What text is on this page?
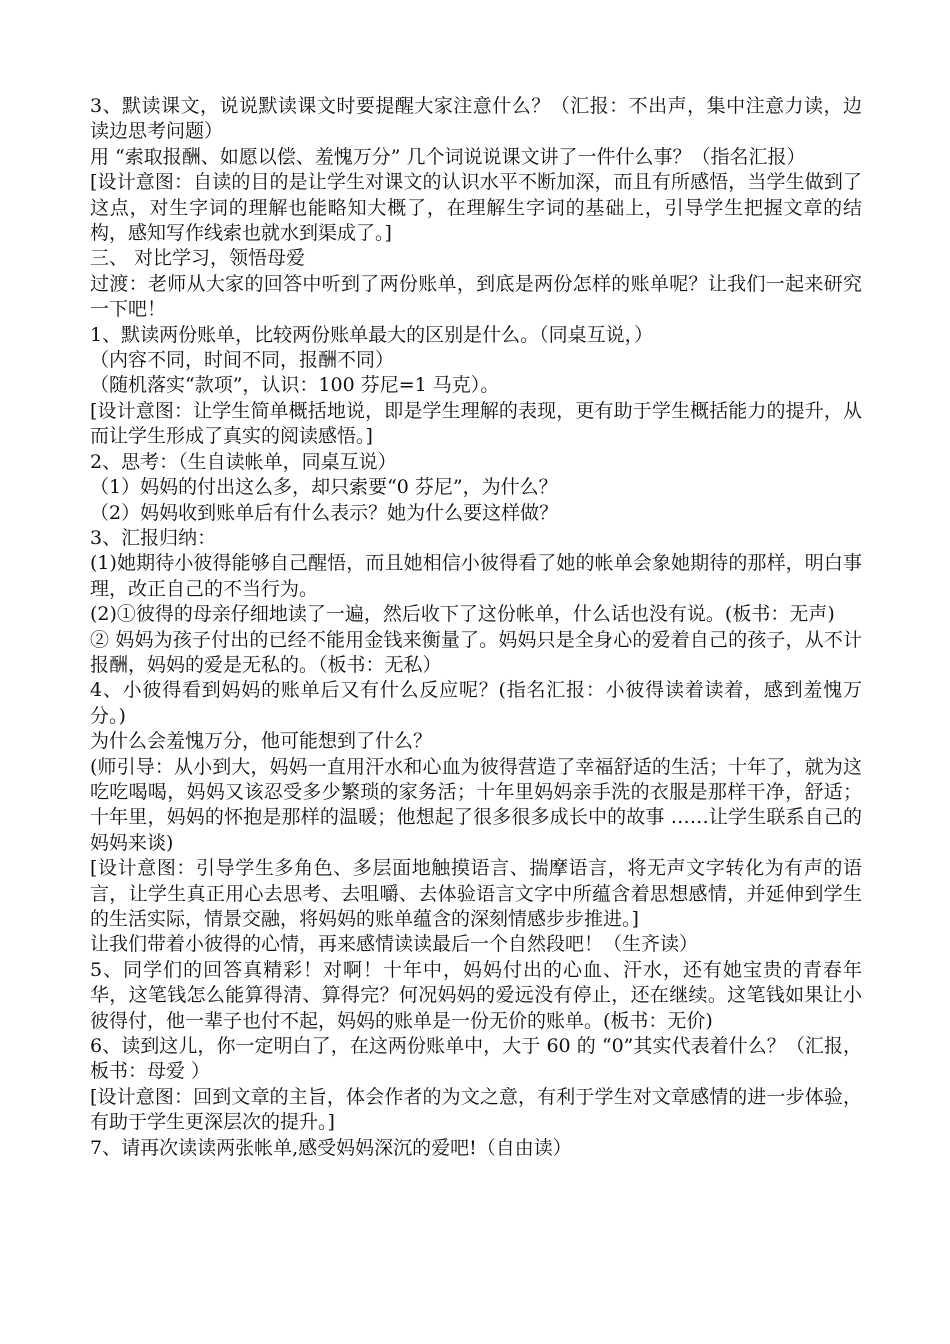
3、默读课文，说说默读课文时要提醒大家注意什么？（汇报：不出声，集中注意力读，边读边思考问题）

用 “索取报酬、如愿以偿、羞愧万分” 几个词说说课文讲了一件什么事？（指名汇报）

[设计意图：自读的目的是让学生对课文的认识水平不断加深，而且有所感悟，当学生做到了这点，对生字词的理解也能略知大概了，在理解生字词的基础上，引导学生把握文章的结构，感知写作线索也就水到渠成了。]

三、 对比学习，领悟母爱

过渡：老师从大家的回答中听到了两份账单，到底是两份怎样的账单呢？让我们一起来研究一下吧！

1、默读两份账单，比较两份账单最大的区别是什么。（同桌互说，）

（内容不同，时间不同，报酬不同）

（随机落实“款项”，认识：100 芬尼=1 马克）。

[设计意图：让学生简单概括地说，即是学生理解的表现，更有助于学生概括能力的提升，从而让学生形成了真实的阅读感悟。]

2、思考：（生自读帐单，同桌互说）

（1）妈妈的付出这么多，却只索要“0 芬尼”，为什么？

（2）妈妈收到账单后有什么表示？她为什么要这样做？

3、汇报归纳：

(1)她期待小彼得能够自己醒悟，而且她相信小彼得看了她的帐单会象她期待的那样，明白事理，改正自己的不当行为。

(2)①彼得的母亲仔细地读了一遍，然后收下了这份帐单，什么话也没有说。(板书：无声)

② 妈妈为孩子付出的已经不能用金钱来衡量了。妈妈只是全身心的爱着自己的孩子，从不计报酬，妈妈的爱是无私的。（板书：无私）

4、小彼得看到妈妈的账单后又有什么反应呢？(指名汇报：小彼得读着读着，感到羞愧万分。)

为什么会羞愧万分，他可能想到了什么？

(师引导：从小到大，妈妈一直用汗水和心血为彼得营造了幸福舒适的生活；十年了，就为这吃吃喝喝，妈妈又该忍受多少繁琐的家务活；十年里妈妈亲手洗的衣服是那样干净，舒适；十年里，妈妈的怀抱是那样的温暖；他想起了很多很多成长中的故事 ……让学生联系自己的妈妈来谈)

[设计意图：引导学生多角色、多层面地触摸语言、揣摩语言，将无声文字转化为有声的语言，让学生真正用心去思考、去咀嚼、去体验语言文字中所蕴含着思想感情，并延伸到学生的生活实际，情景交融，将妈妈的账单蕴含的深刻情感步步推进。]

让我们带着小彼得的心情，再来感情读读最后一个自然段吧！（生齐读）

5、同学们的回答真精彩！对啊！十年中，妈妈付出的心血、汗水，还有她宝贵的青春年华，这笔钱怎么能算得清、算得完？何况妈妈的爱远没有停止，还在继续。这笔钱如果让小彼得付，他一辈子也付不起，妈妈的账单是一份无价的账单。(板书：无价)

6、读到这儿，你一定明白了，在这两份账单中，大于 60 的 “0”其实代表着什么？（汇报，板书：母爱 ）

[设计意图：回到文章的主旨，体会作者的为文之意，有利于学生对文章感情的进一步体验，有助于学生更深层次的提升。]

7、请再次读读两张帐单,感受妈妈深沉的爱吧!（自由读）
